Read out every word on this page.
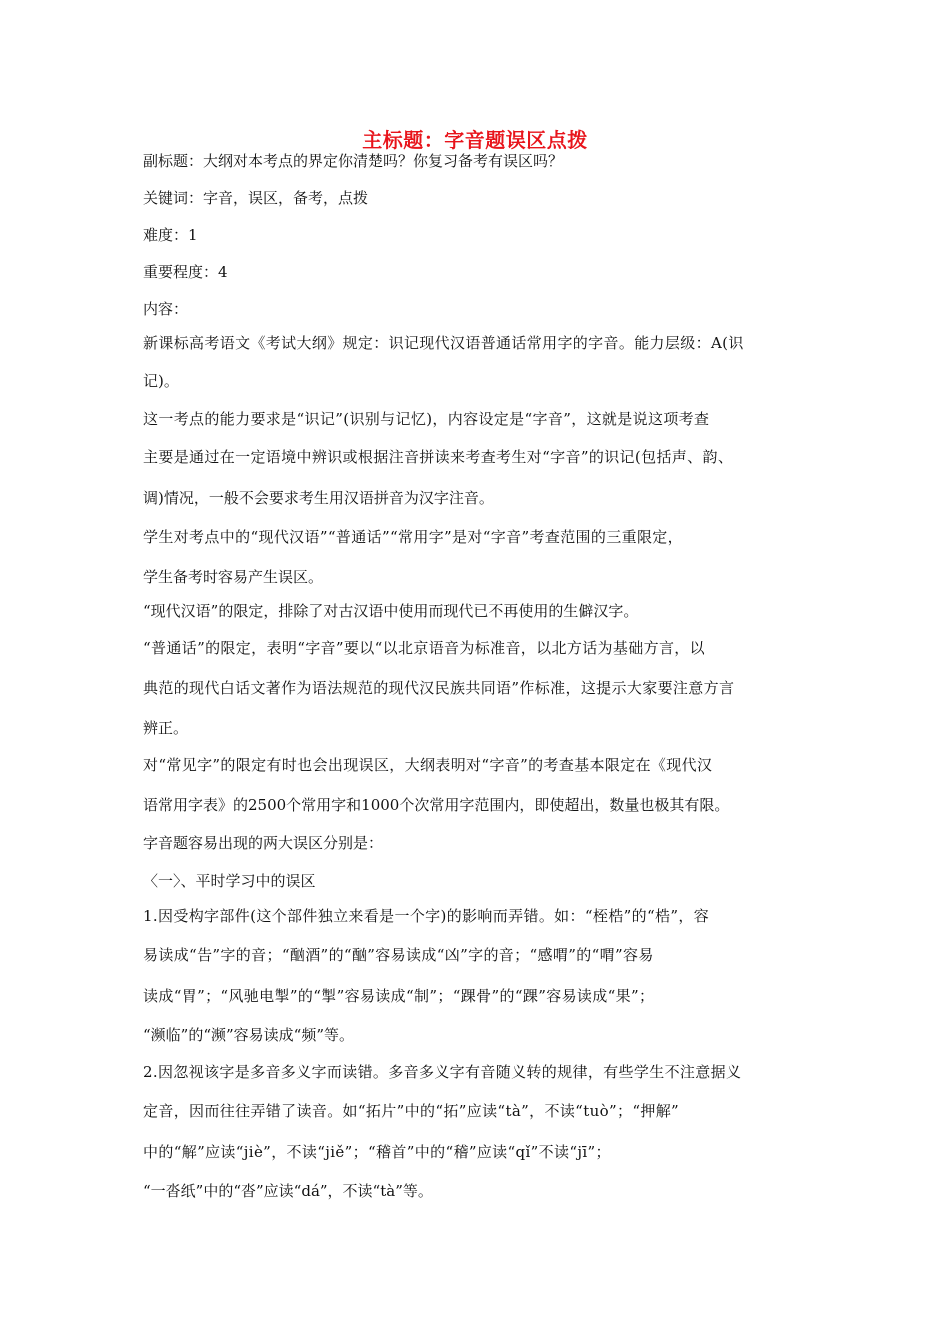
主标题：字音题误区点拨
副标题：大纲对本考点的界定你清楚吗？你复习备考有误区吗？
关键词：字音，误区，备考，点拨
难度：1
重要程度：4
内容：
新课标高考语文《考试大纲》规定：识记现代汉语普通话常用字的字音。能力层级：A(识
记)。
这一考点的能力要求是“识记”(识别与记忆)，内容设定是“字音”，这就是说这项考查
主要是通过在一定语境中辨识或根据注音拼读来考查考生对“字音”的识记(包括声、韵、
调)情况，一般不会要求考生用汉语拼音为汉字注音。
学生对考点中的“现代汉语”“普通话”“常用字”是对“字音”考查范围的三重限定，
学生备考时容易产生误区。
“现代汉语”的限定，排除了对古汉语中使用而现代已不再使用的生僻汉字。
“普通话”的限定，表明“字音”要以“以北京语音为标准音，以北方话为基础方言，以
典范的现代白话文著作为语法规范的现代汉民族共同语”作标准，这提示大家要注意方言
辨正。
对“常见字”的限定有时也会出现误区，大纲表明对“字音”的考查基本限定在《现代汉
语常用字表》的2500个常用字和1000个次常用字范围内，即使超出，数量也极其有限。
字音题容易出现的两大误区分别是：
〈一〉、平时学习中的误区
1.因受构字部件(这个部件独立来看是一个字)的影响而弄错。如：“桎梏”的“梏”，容
易读成“告”字的音；“酗酒”的“酗”容易读成“凶”字的音；“感喟”的“喟”容易
读成“胃”；“风驰电掣”的“掣”容易读成“制”；“踝骨”的“踝”容易读成“果”；
“濒临”的“濒”容易读成“频”等。
2.因忽视该字是多音多义字而读错。多音多义字有音随义转的规律，有些学生不注意据义
定音，因而往往弄错了读音。如“拓片”中的“拓”应读“tà”，不读“tuò”；“押解”
中的“解”应读“jiè”，不读“jiě”；“稽首”中的“稽”应读“qǐ”不读“jī”；
“一沓纸”中的“沓”应读“dá”，不读“tà”等。
